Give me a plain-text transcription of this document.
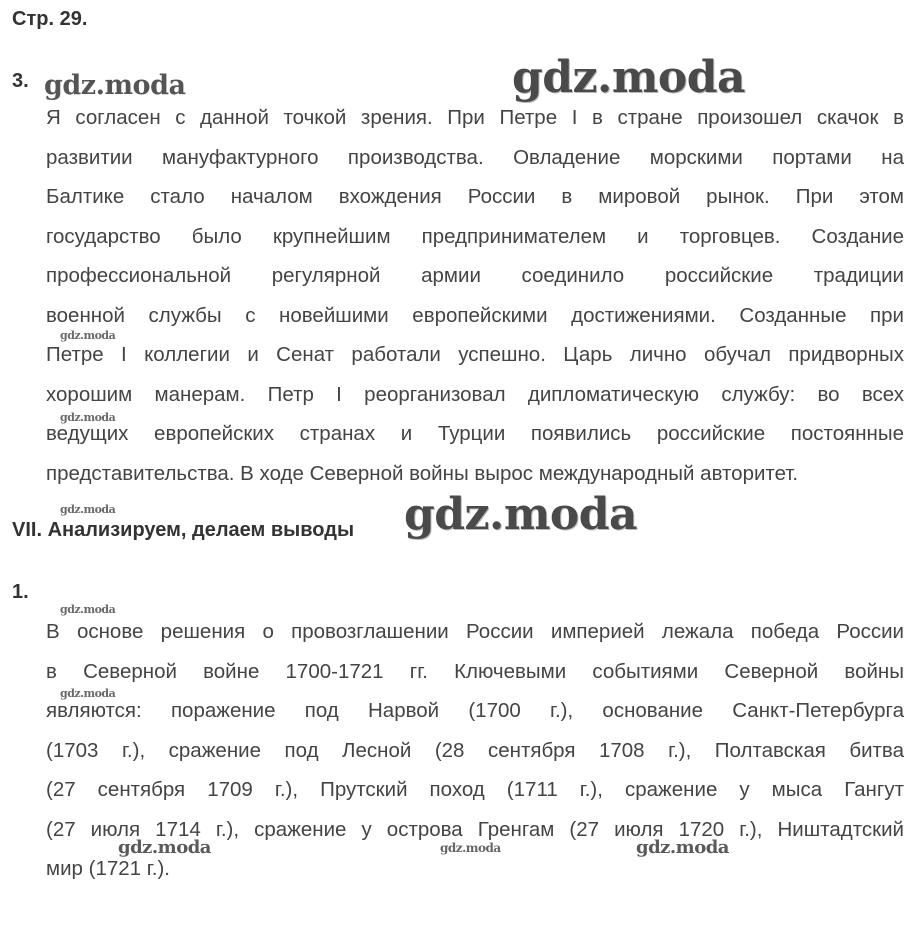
Стр. 29.
3.
Я согласен с данной точкой зрения. При Петре I в стране произошел скачок в
развитии мануфактурного производства. Овладение морскими портами на
Балтике стало началом вхождения России в мировой рынок. При этом
государство было крупнейшим предпринимателем и торговцев. Создание
профессиональной регулярной армии соединило российские традиции
военной службы с новейшими европейскими достижениями. Созданные при
Петре I коллегии и Сенат работали успешно. Царь лично обучал придворных
хорошим манерам. Петр I реорганизовал дипломатическую службу: во всех
ведущих европейских странах и Турции появились российские постоянные
представительства. В ходе Северной войны вырос международный авторитет.
VII. Анализируем, делаем выводы
1.
В основе решения о провозглашении России империей лежала победа России
в Северной войне 1700-1721 гг. Ключевыми событиями Северной войны
являются: поражение под Нарвой (1700 г.), основание Санкт-Петербурга
(1703 г.), сражение под Лесной (28 сентября 1708 г.), Полтавская битва
(27 сентября 1709 г.), Прутский поход (1711 г.), сражение у мыса Гангут
(27 июля 1714 г.), сражение у острова Гренгам (27 июля 1720 г.), Ништадтский
мир (1721 г.).
gdz.moda	gdz.moda
gdz.moda
gdz.moda
gdz.moda	gdz.moda
gdz.moda
gdz.moda
gdz.moda	gdz.moda	gdz.moda
